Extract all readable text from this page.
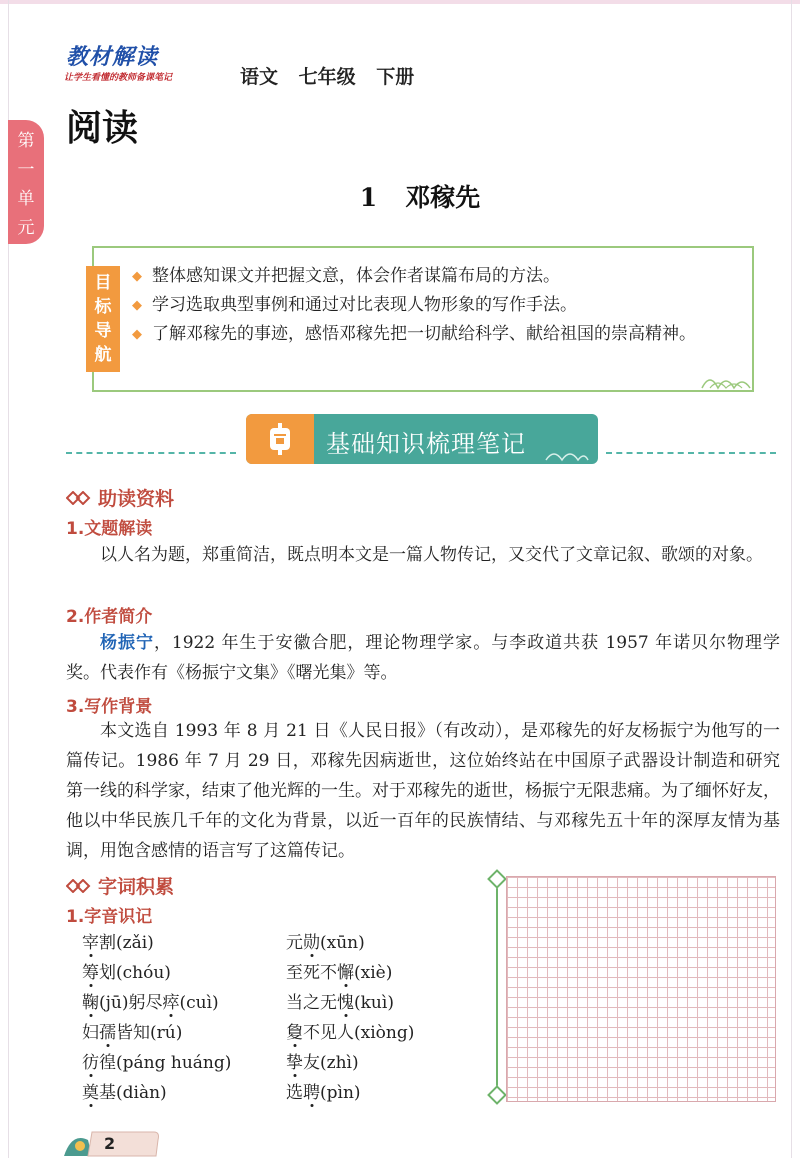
教材解读
让学生看懂的教师备课笔记	语文 七年级 下册
阅读
第
一
单
元
1 邓稼先
目
标
导
航
◆ 整体感知课文并把握文意，体会作者谋篇布局的方法。
◆ 学习选取典型事例和通过对比表现人物形象的写作手法。
◆ 了解邓稼先的事迹，感悟邓稼先把一切献给科学、献给祖国的崇高精神。
基础知识梳理笔记
助读资料
1.文题解读
以人名为题，郑重简洁，既点明本文是一篇人物传记，又交代了文章记叙、歌颂的对象。
2.作者简介
杨振宁，1922 年生于安徽合肥，理论物理学家。与李政道共获 1957 年诺贝尔物理学奖。代表作有《杨振宁文集》《曙光集》等。
3.写作背景
本文选自 1993 年 8 月 21 日《人民日报》（有改动），是邓稼先的好友杨振宁为他写的一篇传记。1986 年 7 月 29 日，邓稼先因病逝世，这位始终站在中国原子武器设计制造和研究第一线的科学家，结束了他光辉的一生。对于邓稼先的逝世，杨振宁无限悲痛。为了缅怀好友，他以中华民族几千年的文化为背景，以近一百年的民族情结、与邓稼先五十年的深厚友情为基调，用饱含感情的语言写了这篇传记。
字词积累
1.字音识记
宰割(zǎi)
筹划(chóu)
鞠(jū)躬尽瘁(cuì)
妇孺皆知(rú)
彷徨(páng huáng)
奠基(diàn)
元勋(xūn)
至死不懈(xiè)
当之无愧(kuì)
敻不见人(xiòng)
挚友(zhì)
选聘(pìn)
2
